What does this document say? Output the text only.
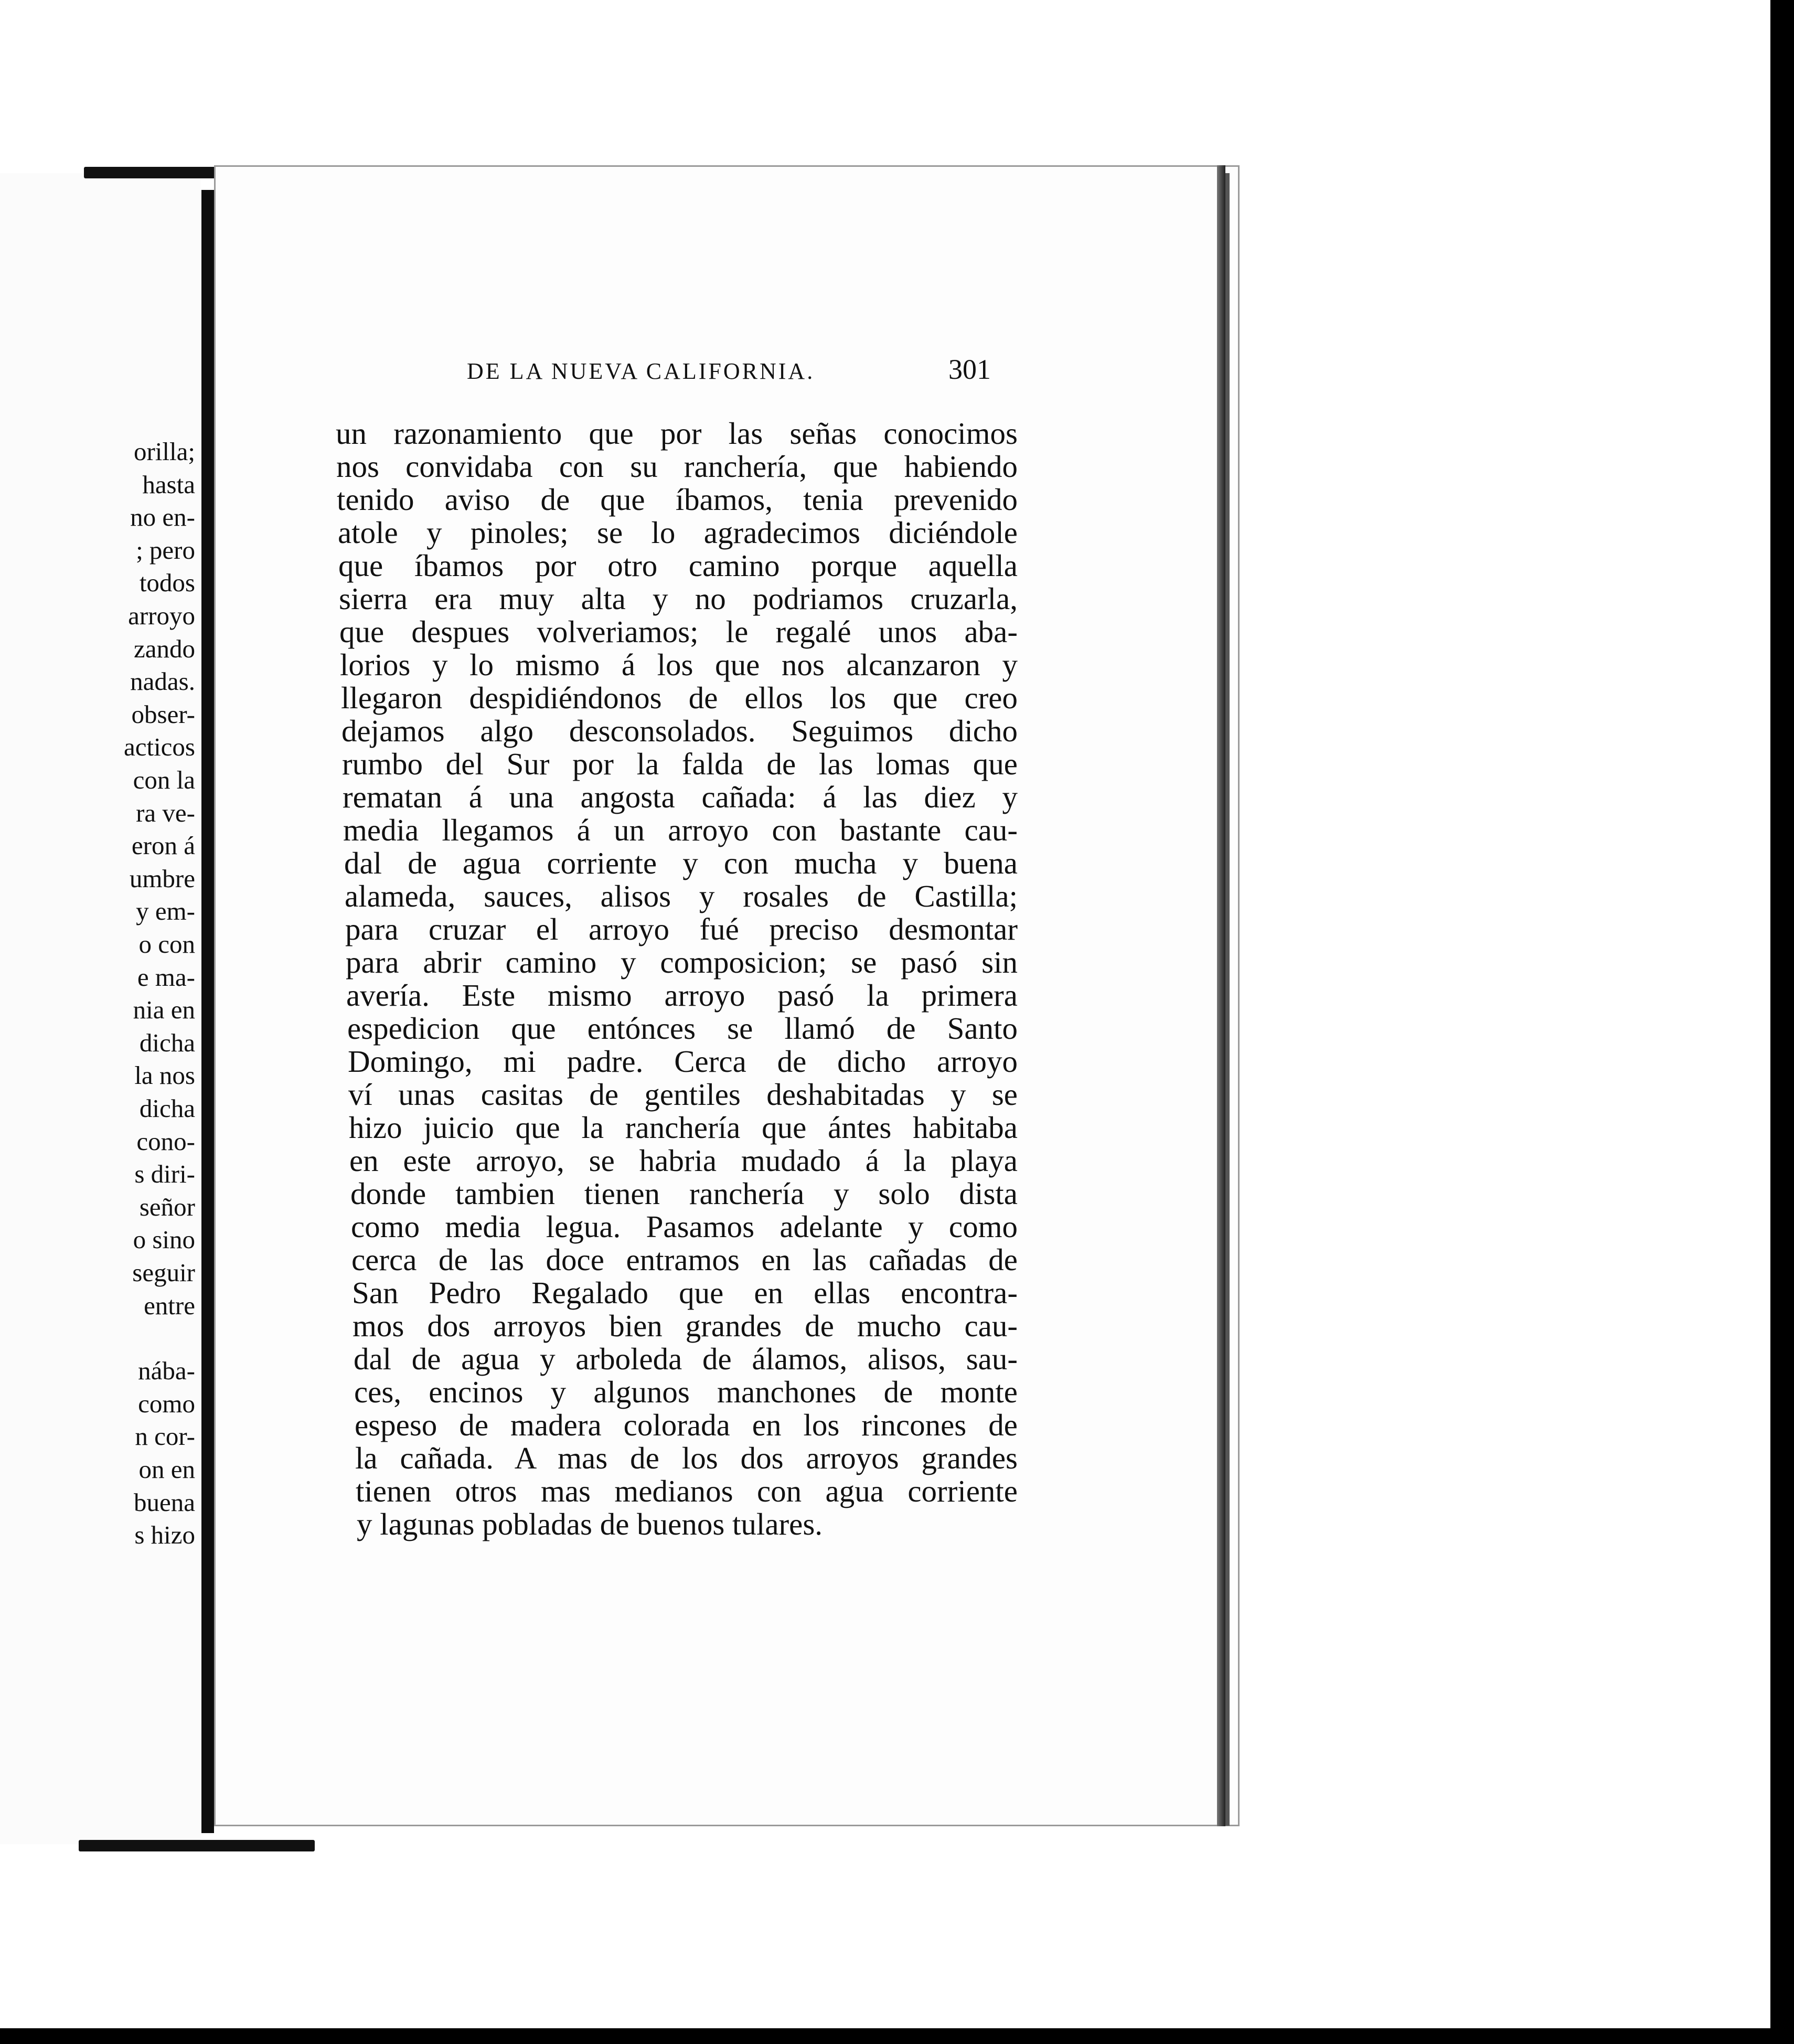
orilla;
hasta
no en-
; pero
todos
arroyo
zando
nadas.
obser-
acticos
con la
ra ve-
eron á
umbre
y em-
o con
e ma-
nia en
dicha
la nos
dicha
cono-
s diri-
señor
o sino
seguir
entre
nába-
como
n cor-
on en
buena
s hizo
DE LA NUEVA CALIFORNIA.	301
un razonamiento que por las señas conocimos
nos convidaba con su ranchería, que habiendo
tenido aviso de que íbamos, tenia prevenido
atole y pinoles; se lo agradecimos diciéndole
que íbamos por otro camino porque aquella
sierra era muy alta y no podriamos cruzarla,
que despues volveriamos; le regalé unos aba-
lorios y lo mismo á los que nos alcanzaron y
llegaron despidiéndonos de ellos los que creo
dejamos algo desconsolados. Seguimos dicho
rumbo del Sur por la falda de las lomas que
rematan á una angosta cañada: á las diez y
media llegamos á un arroyo con bastante cau-
dal de agua corriente y con mucha y buena
alameda, sauces, alisos y rosales de Castilla;
para cruzar el arroyo fué preciso desmontar
para abrir camino y composicion; se pasó sin
avería. Este mismo arroyo pasó la primera
espedicion que entónces se llamó de Santo
Domingo, mi padre. Cerca de dicho arroyo
ví unas casitas de gentiles deshabitadas y se
hizo juicio que la ranchería que ántes habitaba
en este arroyo, se habria mudado á la playa
donde tambien tienen ranchería y solo dista
como media legua. Pasamos adelante y como
cerca de las doce entramos en las cañadas de
San Pedro Regalado que en ellas encontra-
mos dos arroyos bien grandes de mucho cau-
dal de agua y arboleda de álamos, alisos, sau-
ces, encinos y algunos manchones de monte
espeso de madera colorada en los rincones de
la cañada. A mas de los dos arroyos grandes
tienen otros mas medianos con agua corriente
y lagunas pobladas de buenos tulares.
